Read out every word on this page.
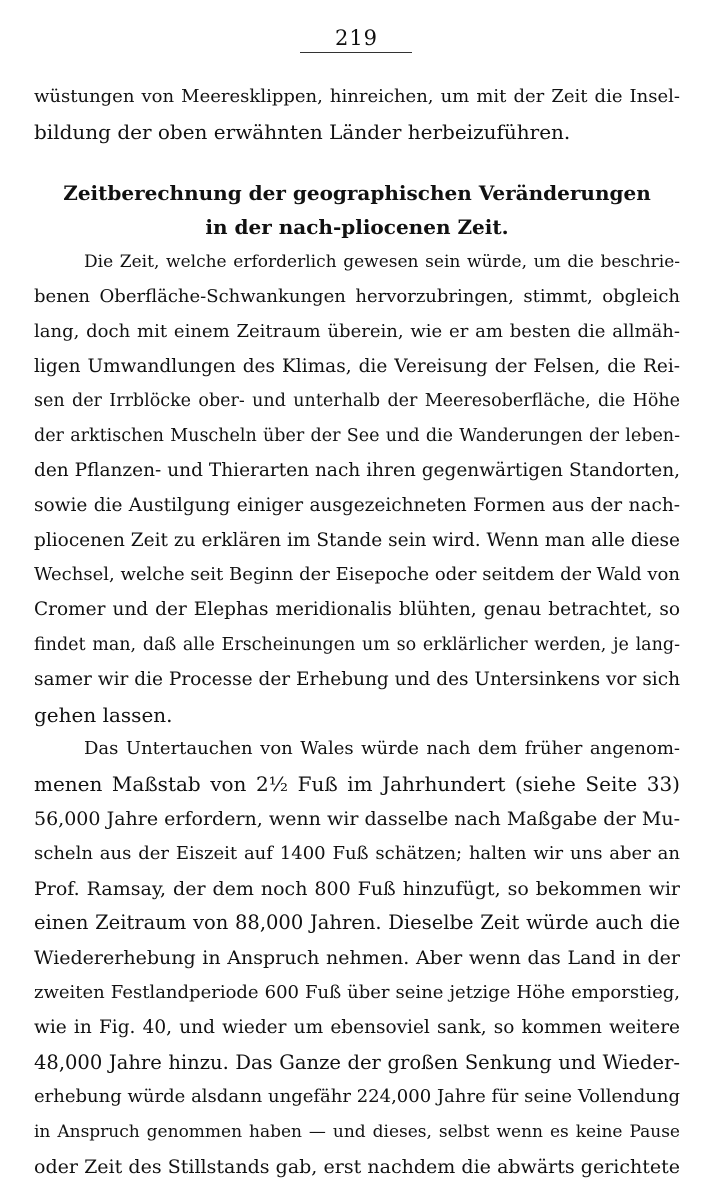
219
wüstungen von Meeresklippen, hinreichen, um mit der Zeit die Insel-
bildung der oben erwähnten Länder herbeizuführen.
Zeitberechnung der geographischen Veränderungen
in der nach-pliocenen Zeit.
Die Zeit, welche erforderlich gewesen sein würde, um die beschrie-
benen Oberfläche-Schwankungen hervorzubringen, stimmt, obgleich
lang, doch mit einem Zeitraum überein, wie er am besten die allmäh-
ligen Umwandlungen des Klimas, die Vereisung der Felsen, die Rei-
sen der Irrblöcke ober- und unterhalb der Meeresoberfläche, die Höhe
der arktischen Muscheln über der See und die Wanderungen der leben-
den Pflanzen- und Thierarten nach ihren gegenwärtigen Standorten,
sowie die Austilgung einiger ausgezeichneten Formen aus der nach-
pliocenen Zeit zu erklären im Stande sein wird. Wenn man alle diese
Wechsel, welche seit Beginn der Eisepoche oder seitdem der Wald von
Cromer und der Elephas meridionalis blühten, genau betrachtet, so
findet man, daß alle Erscheinungen um so erklärlicher werden, je lang-
samer wir die Processe der Erhebung und des Untersinkens vor sich
gehen lassen.
Das Untertauchen von Wales würde nach dem früher angenom-
menen Maßstab von 2½ Fuß im Jahrhundert (siehe Seite 33)
56,000 Jahre erfordern, wenn wir dasselbe nach Maßgabe der Mu-
scheln aus der Eiszeit auf 1400 Fuß schätzen; halten wir uns aber an
Prof. Ramsay, der dem noch 800 Fuß hinzufügt, so bekommen wir
einen Zeitraum von 88,000 Jahren. Dieselbe Zeit würde auch die
Wiedererhebung in Anspruch nehmen. Aber wenn das Land in der
zweiten Festlandperiode 600 Fuß über seine jetzige Höhe emporstieg,
wie in Fig. 40, und wieder um ebensoviel sank, so kommen weitere
48,000 Jahre hinzu. Das Ganze der großen Senkung und Wieder-
erhebung würde alsdann ungefähr 224,000 Jahre für seine Vollendung
in Anspruch genommen haben — und dieses, selbst wenn es keine Pause
oder Zeit des Stillstands gab, erst nachdem die abwärts gerichtete
